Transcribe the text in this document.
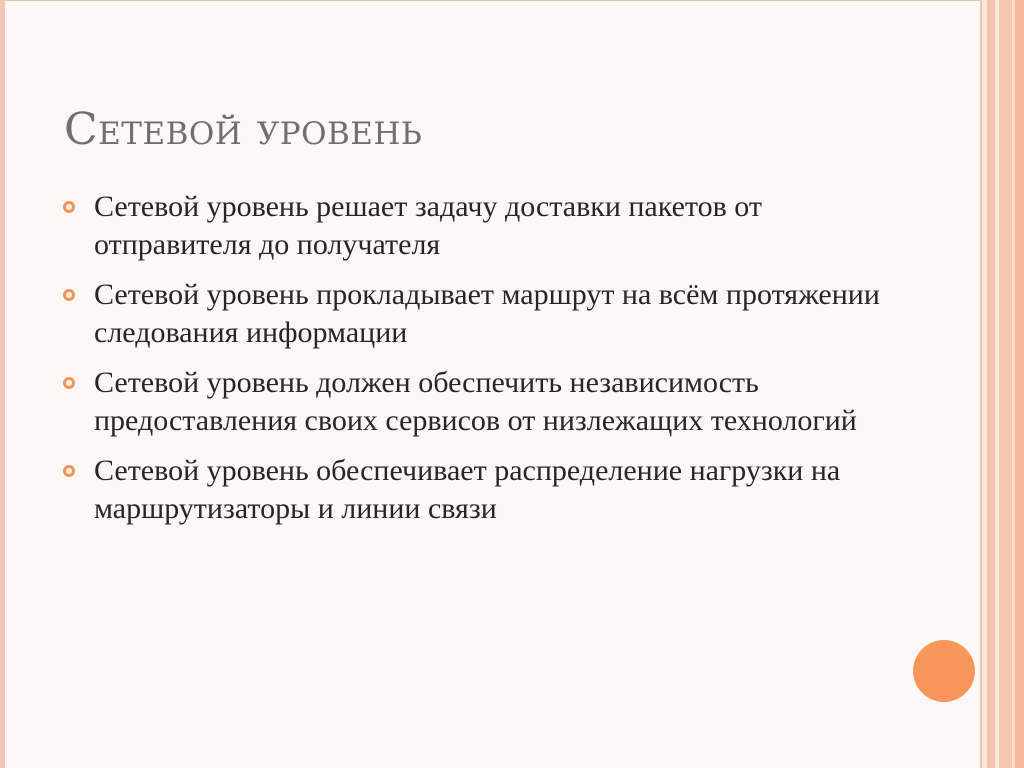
Сетевой уровень
Сетевой уровень решает задачу доставки пакетов от отправителя до получателя
Сетевой уровень прокладывает маршрут на всём протяжении следования информации
Сетевой уровень должен обеспечить независимость предоставления своих сервисов от низлежащих технологий
Сетевой уровень обеспечивает распределение нагрузки на маршрутизаторы и линии связи
